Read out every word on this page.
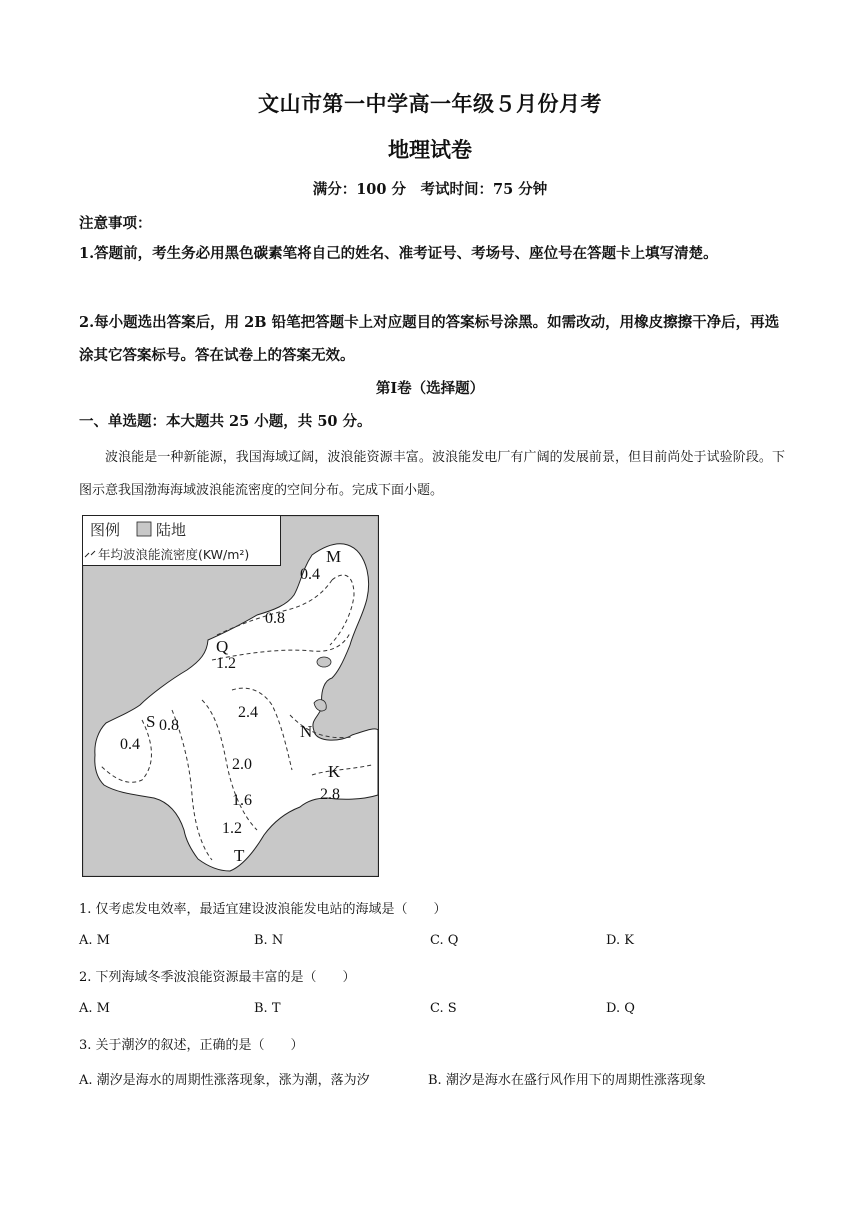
文山市第一中学高一年级５月份月考
地理试卷
满分：100 分　考试时间：75 分钟
注意事项：
1.答题前，考生务必用黑色碳素笔将自己的姓名、准考证号、考场号、座位号在答题卡上填写清楚。
2.每小题选出答案后，用 2B 铅笔把答题卡上对应题目的答案标号涂黑。如需改动，用橡皮擦擦干净后，再选涂其它答案标号。答在试卷上的答案无效。
第Ⅰ卷（选择题）
一、单选题：本大题共 25 小题，共 50 分。
波浪能是一种新能源，我国海域辽阔，波浪能资源丰富。波浪能发电厂有广阔的发展前景，但目前尚处于试验阶段。下图示意我国渤海海域波浪能流密度的空间分布。完成下面小题。
图例 陆地
年均波浪能流密度(KW/m²)	M
Q
S
N
K
T
0.4
0.8
1.2
0.8
0.4
2.4
2.0
1.6
1.2
2.8
1. 仅考虑发电效率，最适宜建设波浪能发电站的海域是（　　）
A. M	B. N	C. Q	D. K
2. 下列海域冬季波浪能资源最丰富的是（　　）
A. M	B. T	C. S	D. Q
3. 关于潮汐的叙述，正确的是（　　）
A. 潮汐是海水的周期性涨落现象，涨为潮，落为汐	B. 潮汐是海水在盛行风作用下的周期性涨落现象
